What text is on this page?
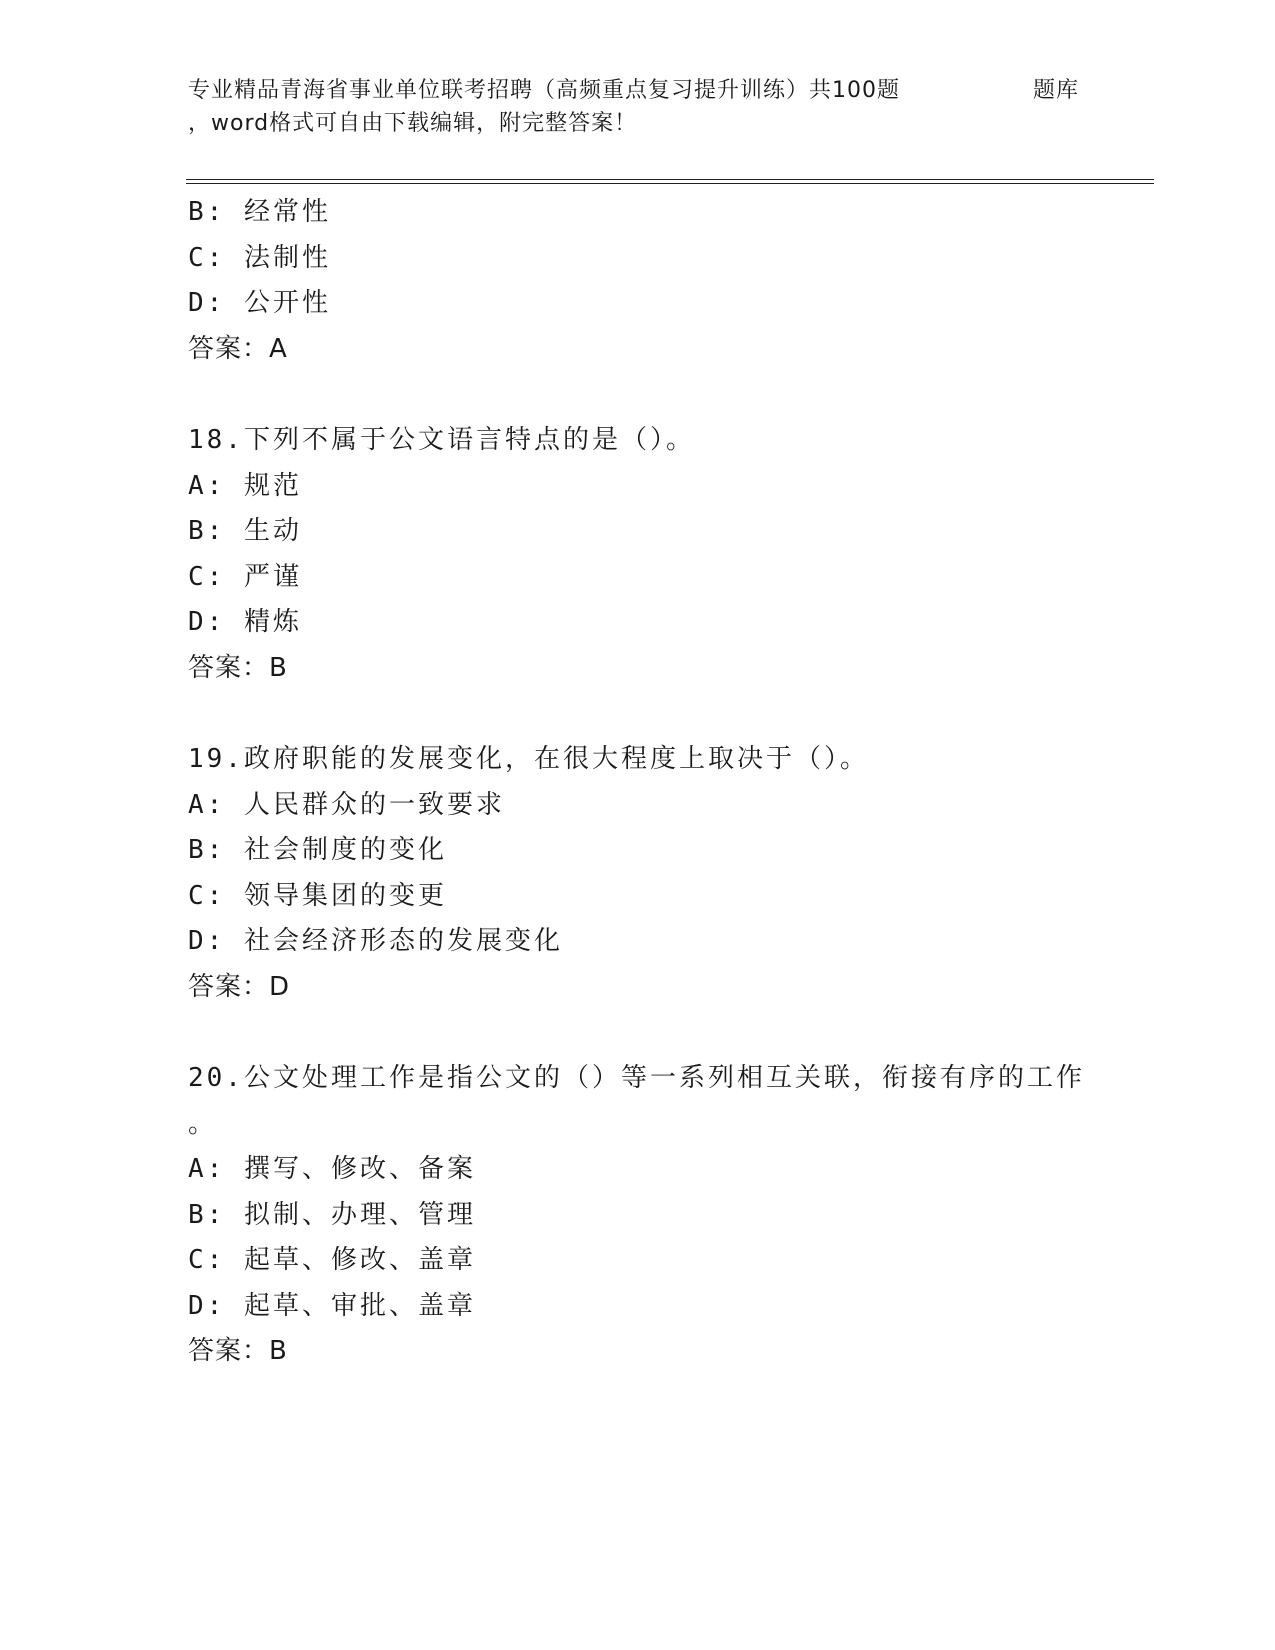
专业精品青海省事业单位联考招聘（高频重点复习提升训练）共100题	题库
，word格式可自由下载编辑，附完整答案！
B: 经常性
C: 法制性
D: 公开性
答案：A
18.下列不属于公文语言特点的是（）。
A: 规范
B: 生动
C: 严谨
D: 精炼
答案：B
19.政府职能的发展变化，在很大程度上取决于（）。
A: 人民群众的一致要求
B: 社会制度的变化
C: 领导集团的变更
D: 社会经济形态的发展变化
答案：D
20.公文处理工作是指公文的（）等一系列相互关联，衔接有序的工作
。
A: 撰写、修改、备案
B: 拟制、办理、管理
C: 起草、修改、盖章
D: 起草、审批、盖章
答案：B
